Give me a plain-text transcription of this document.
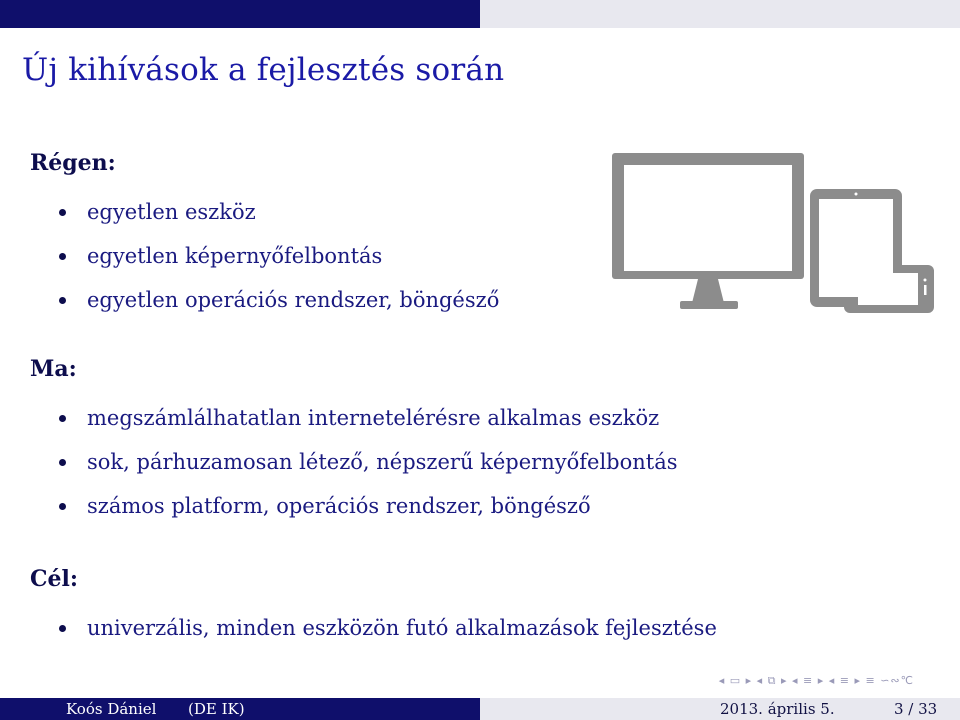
Új kihívások a fejlesztés során
Régen:
egyetlen eszköz
egyetlen képernyőfelbontás
egyetlen operációs rendszer, böngésző
Ma:
megszámlálhatatlan internetelérésre alkalmas eszköz
sok, párhuzamosan létező, népszerű képernyőfelbontás
számos platform, operációs rendszer, böngésző
Cél:
univerzális, minden eszközön futó alkalmazások fejlesztése
◂ ▭ ▸ ◂ ⧉ ▸ ◂ ≡ ▸ ◂ ≡ ▸ ≡ ∽∾℃
Koós Dániel (DE IK)	2013. április 5.	3 / 33
